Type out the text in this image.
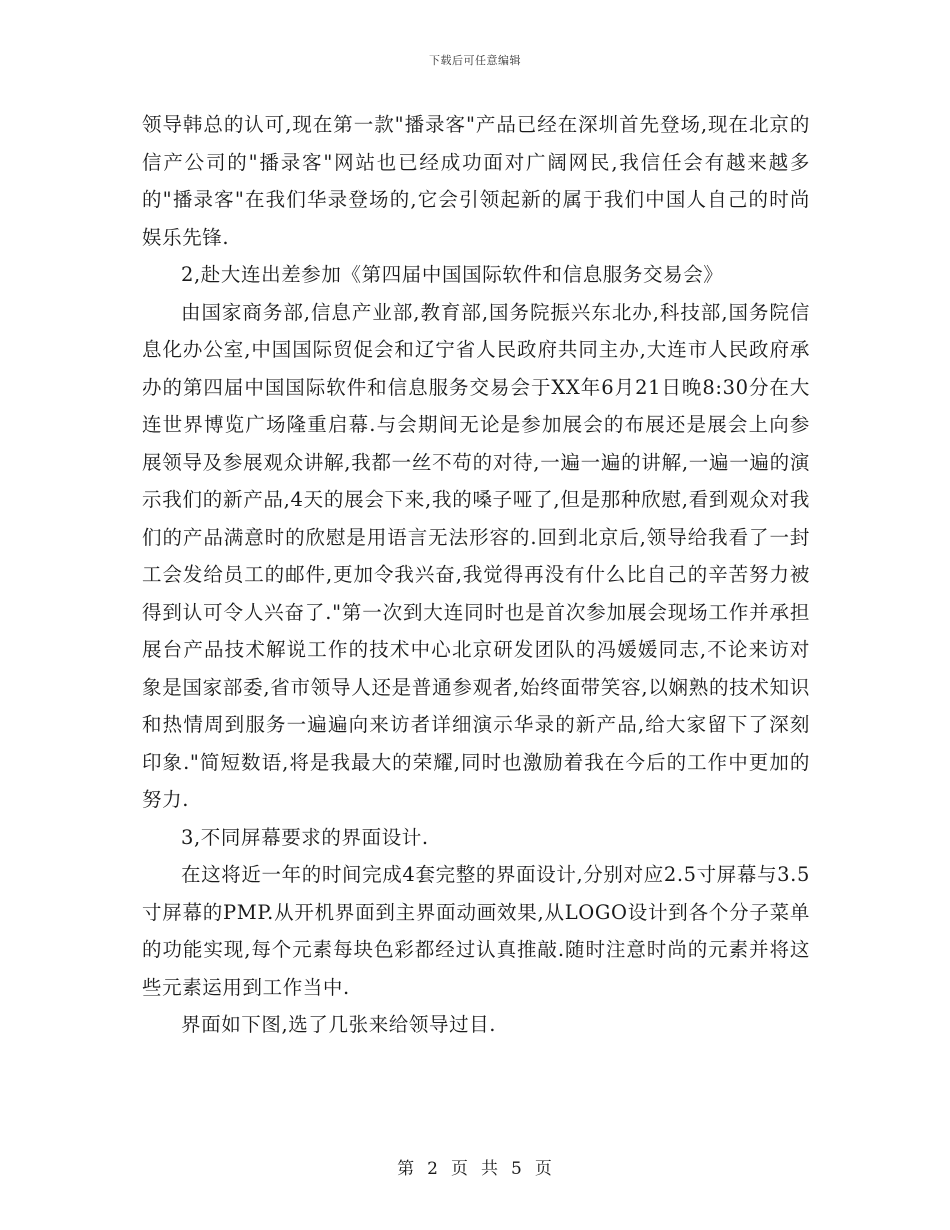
下载后可任意编辑

领导韩总的认可,现在第一款"播录客"产品已经在深圳首先登场,现在北京的信产公司的"播录客"网站也已经成功面对广阔网民,我信任会有越来越多的"播录客"在我们华录登场的,它会引领起新的属于我们中国人自己的时尚娱乐先锋.

2,赴大连出差参加《第四届中国国际软件和信息服务交易会》

由国家商务部,信息产业部,教育部,国务院振兴东北办,科技部,国务院信息化办公室,中国国际贸促会和辽宁省人民政府共同主办,大连市人民政府承办的第四届中国国际软件和信息服务交易会于XX年6月21日晚8:30分在大连世界博览广场隆重启幕.与会期间无论是参加展会的布展还是展会上向参展领导及参展观众讲解,我都一丝不苟的对待,一遍一遍的讲解,一遍一遍的演示我们的新产品,4天的展会下来,我的嗓子哑了,但是那种欣慰,看到观众对我们的产品满意时的欣慰是用语言无法形容的.回到北京后,领导给我看了一封工会发给员工的邮件,更加令我兴奋,我觉得再没有什么比自己的辛苦努力被得到认可令人兴奋了."第一次到大连同时也是首次参加展会现场工作并承担展台产品技术解说工作的技术中心北京研发团队的冯媛媛同志,不论来访对象是国家部委,省市领导人还是普通参观者,始终面带笑容,以娴熟的技术知识和热情周到服务一遍遍向来访者详细演示华录的新产品,给大家留下了深刻印象."简短数语,将是我最大的荣耀,同时也激励着我在今后的工作中更加的努力.

3,不同屏幕要求的界面设计.

在这将近一年的时间完成4套完整的界面设计,分别对应2.5寸屏幕与3.5寸屏幕的PMP.从开机界面到主界面动画效果,从LOGO设计到各个分子菜单的功能实现,每个元素每块色彩都经过认真推敲.随时注意时尚的元素并将这些元素运用到工作当中.

界面如下图,选了几张来给领导过目.

第 2 页 共 5 页
